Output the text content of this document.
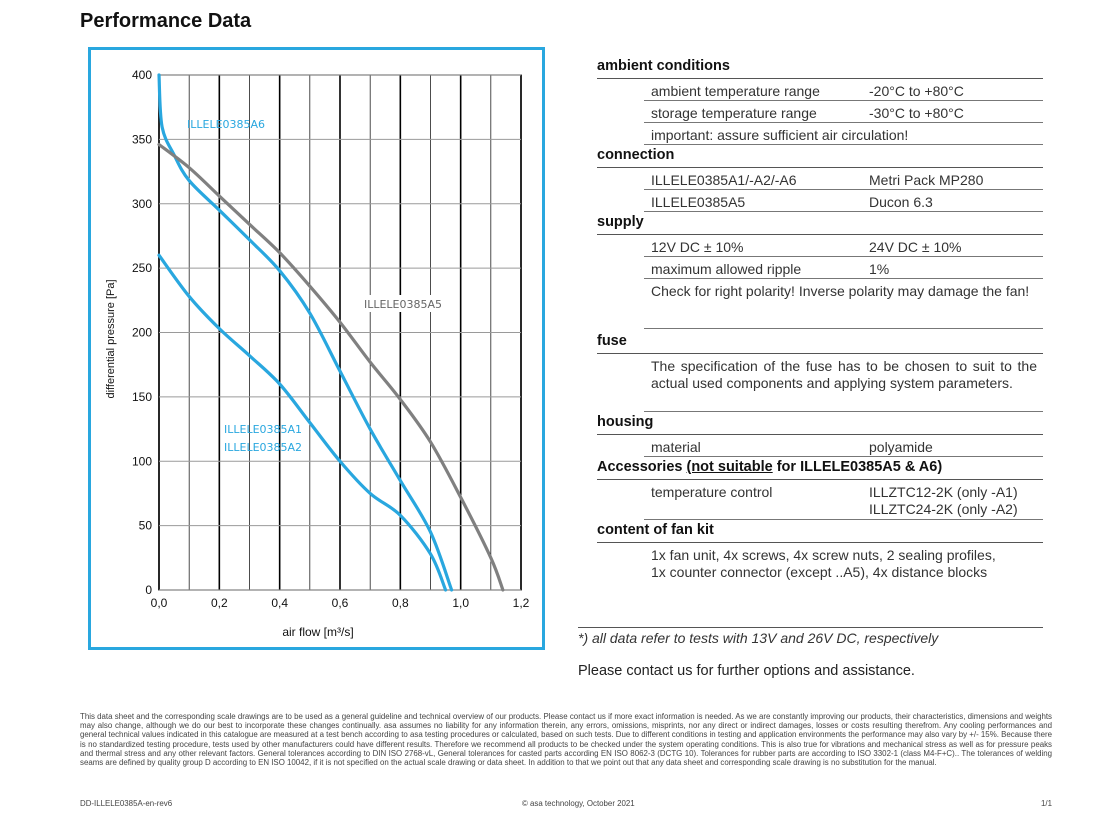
Performance Data
0,0	0,2	0,4	0,6	0,8	1,0	1,2
0
50
100
150
200
250
300
350
400
ILLELE0385A6
ILLELE0385A5
ILLELE0385A1
ILLELE0385A2
air flow [m³/s]
differential pressure [Pa]
ambient conditions
ambient temperature range	-20°C to +80°C
storage temperature range	-30°C to +80°C
important: assure sufficient air circulation!
connection
ILLELE0385A1/-A2/-A6	Metri Pack MP280
ILLELE0385A5	Ducon 6.3
supply
12V DC ± 10%	24V DC ± 10%
maximum allowed ripple	1%
Check for right polarity! Inverse polarity may damage the fan!
fuse
The specification of the fuse has to be chosen to suit to the actual used components and applying system parameters.
housing
material	polyamide
Accessories (not suitable for ILLELE0385A5 & A6)
temperature control	ILLZTC12-2K (only -A1)
ILLZTC24-2K (only -A2)
content of fan kit
1x fan unit, 4x screws, 4x screw nuts, 2 sealing profiles,
1x counter connector (except ..A5), 4x distance blocks
*) all data refer to tests with 13V and 26V DC, respectively
Please contact us for further options and assistance.
This data sheet and the corresponding scale drawings are to be used as a general guideline and technical overview of our products. Please contact us if more exact information is needed. As we are constantly improving our products, their characteristics, dimensions and weights may also change, although we do our best to incorporate these changes continually. asa assumes no liability for any information therein, any errors, omissions, misprints, nor any direct or indirect damages, losses or costs resulting therefrom. Any cooling performances and general technical values indicated in this catalogue are measured at a test bench according to asa testing procedures or calculated, based on such tests. Due to different conditions in testing and application environments the performance may also vary by +/- 15%. Because there is no standardized testing procedure, tests used by other manufacturers could have different results. Therefore we recommend all products to be checked under the system operating conditions. This is also true for vibrations and mechanical stress as well as for pressure peaks and thermal stress and any other relevant factors. General tolerances according to DIN ISO 2768-vL, General tolerances for casted parts according EN ISO 8062-3 (DCTG 10). Tolerances for rubber parts are according to ISO 3302-1 (class M4-F+C).. The tolerances of welding seams are defined by quality group D according to EN ISO 10042, if it is not specified on the actual scale drawing or data sheet. In addition to that we point out that any data sheet and corresponding scale drawing is no substitution for the manual.
DD-ILLELE0385A-en-rev6	© asa technology, October 2021	1/1
